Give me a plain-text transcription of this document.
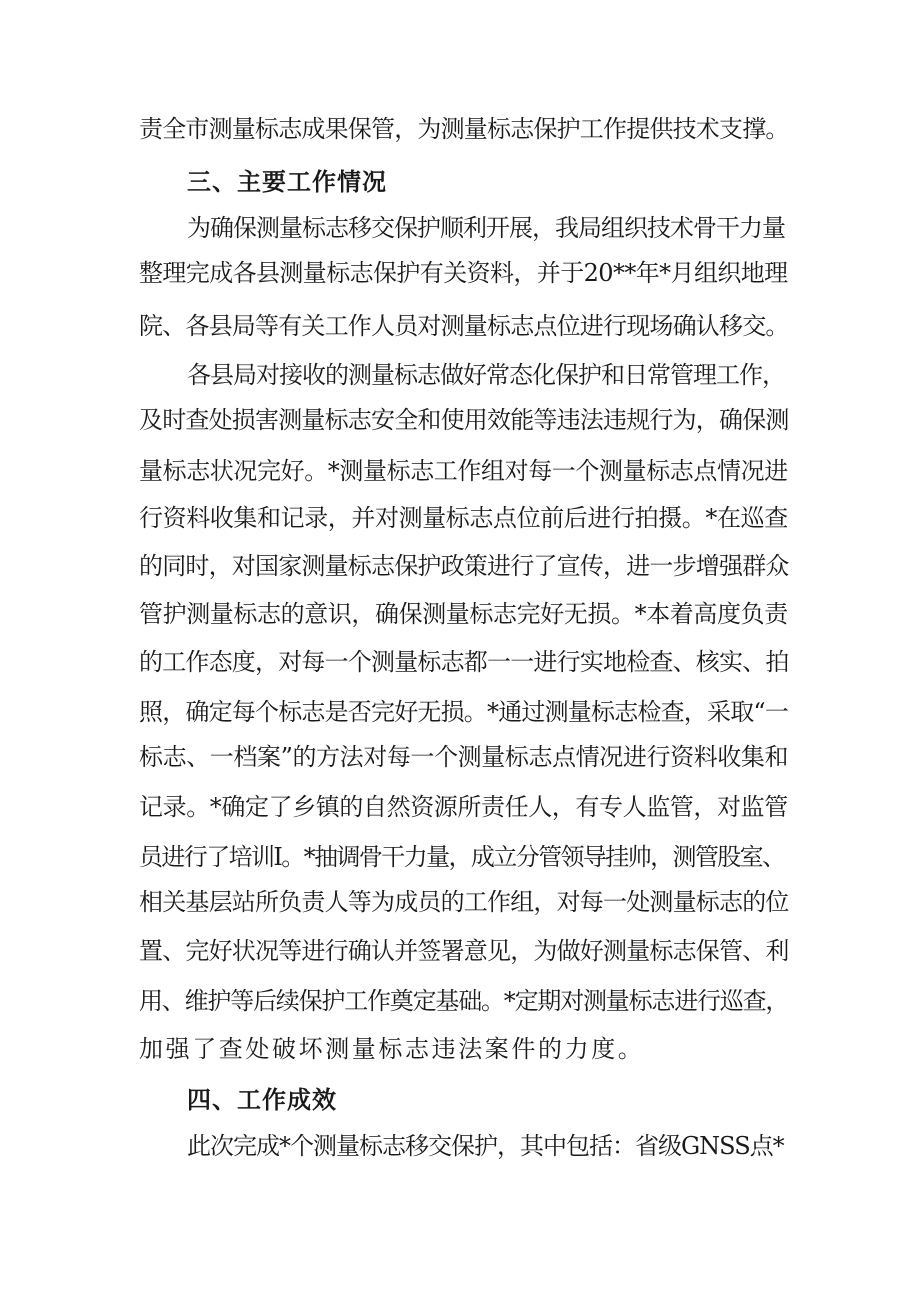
责全市测量标志成果保管，为测量标志保护工作提供技术支撑。
三、主要工作情况
为确保测量标志移交保护顺利开展，我局组织技术骨干力量
整理完成各县测量标志保护有关资料，并于20**年*月组织地理
院、各县局等有关工作人员对测量标志点位进行现场确认移交。
各县局对接收的测量标志做好常态化保护和日常管理工作，
及时查处损害测量标志安全和使用效能等违法违规行为，确保测
量标志状况完好。*测量标志工作组对每一个测量标志点情况进
行资料收集和记录，并对测量标志点位前后进行拍摄。*在巡查
的同时，对国家测量标志保护政策进行了宣传，进一步增强群众
管护测量标志的意识，确保测量标志完好无损。*本着高度负责
的工作态度，对每一个测量标志都一一进行实地检查、核实、拍
照，确定每个标志是否完好无损。*通过测量标志检查，采取“一
标志、一档案”的方法对每一个测量标志点情况进行资料收集和
记录。*确定了乡镇的自然资源所责任人，有专人监管，对监管
员进行了培训Ⅰ。*抽调骨干力量，成立分管领导挂帅，测管股室、
相关基层站所负责人等为成员的工作组，对每一处测量标志的位
置、完好状况等进行确认并签署意见，为做好测量标志保管、利
用、维护等后续保护工作奠定基础。*定期对测量标志进行巡查，
加强了查处破坏测量标志违法案件的力度。
四、工作成效
此次完成*个测量标志移交保护，其中包括：省级GNSS点*
